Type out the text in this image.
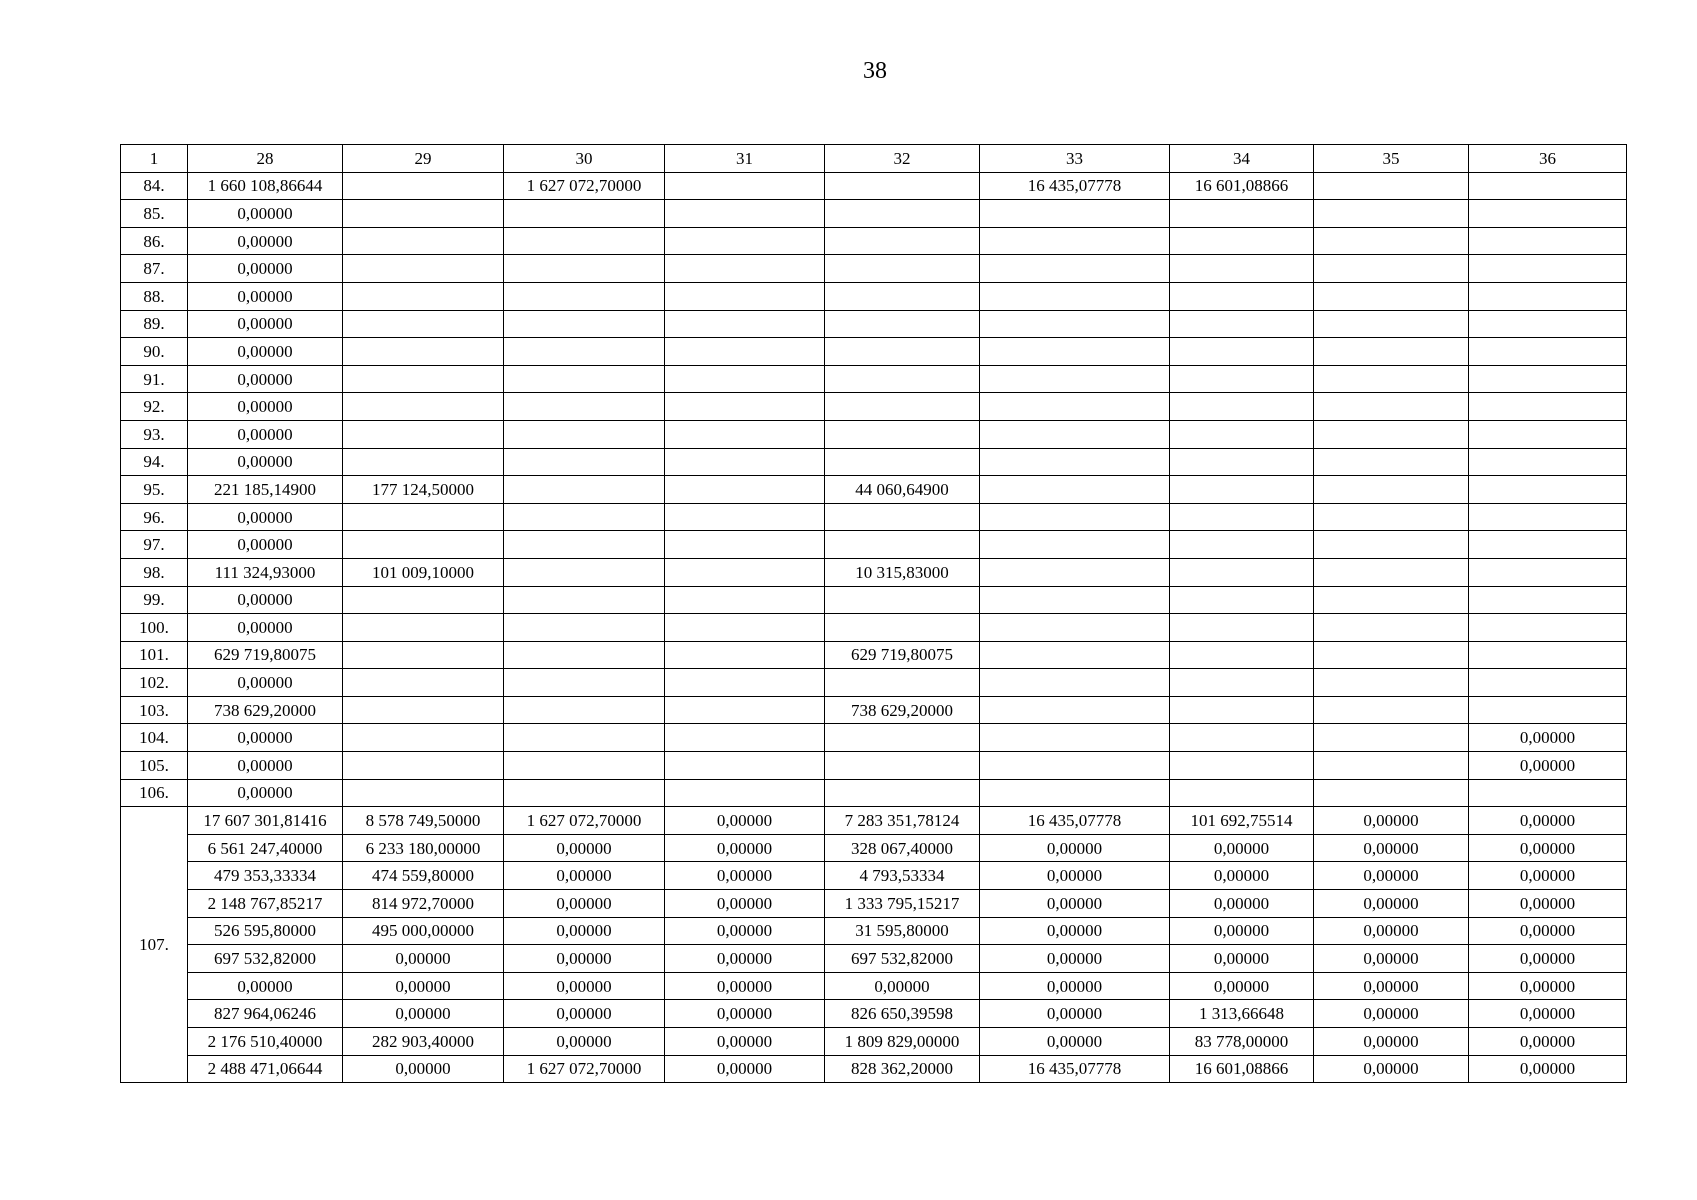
38
1	28	29	30	31	32	33	34	35	36
84.	1 660 108,86644		1 627 072,70000			16 435,07778	16 601,08866		
85.	0,00000								
86.	0,00000								
87.	0,00000								
88.	0,00000								
89.	0,00000								
90.	0,00000								
91.	0,00000								
92.	0,00000								
93.	0,00000								
94.	0,00000								
95.	221 185,14900	177 124,50000			44 060,64900				
96.	0,00000								
97.	0,00000								
98.	111 324,93000	101 009,10000			10 315,83000				
99.	0,00000								
100.	0,00000								
101.	629 719,80075				629 719,80075				
102.	0,00000								
103.	738 629,20000				738 629,20000				
104.	0,00000								0,00000
105.	0,00000								0,00000
106.	0,00000								
107.	17 607 301,81416	8 578 749,50000	1 627 072,70000	0,00000	7 283 351,78124	16 435,07778	101 692,75514	0,00000	0,00000
	6 561 247,40000	6 233 180,00000	0,00000	0,00000	328 067,40000	0,00000	0,00000	0,00000	0,00000
	479 353,33334	474 559,80000	0,00000	0,00000	4 793,53334	0,00000	0,00000	0,00000	0,00000
	2 148 767,85217	814 972,70000	0,00000	0,00000	1 333 795,15217	0,00000	0,00000	0,00000	0,00000
	526 595,80000	495 000,00000	0,00000	0,00000	31 595,80000	0,00000	0,00000	0,00000	0,00000
	697 532,82000	0,00000	0,00000	0,00000	697 532,82000	0,00000	0,00000	0,00000	0,00000
	0,00000	0,00000	0,00000	0,00000	0,00000	0,00000	0,00000	0,00000	0,00000
	827 964,06246	0,00000	0,00000	0,00000	826 650,39598	0,00000	1 313,66648	0,00000	0,00000
	2 176 510,40000	282 903,40000	0,00000	0,00000	1 809 829,00000	0,00000	83 778,00000	0,00000	0,00000
	2 488 471,06644	0,00000	1 627 072,70000	0,00000	828 362,20000	16 435,07778	16 601,08866	0,00000	0,00000
